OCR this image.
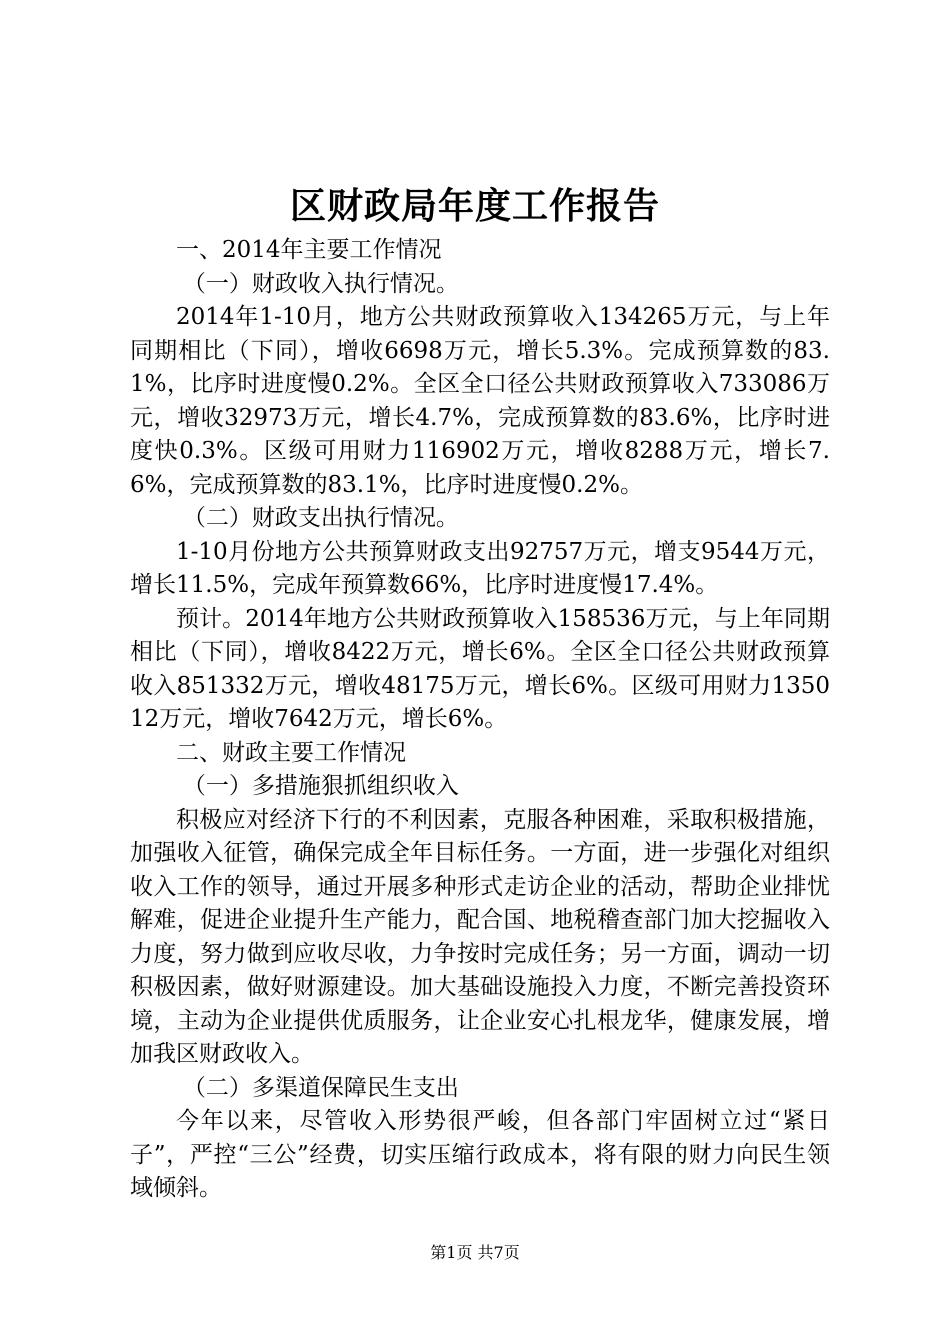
区财政局年度工作报告

一、2014年主要工作情况

（一）财政收入执行情况。

2014年1-10月，地方公共财政预算收入134265万元，与上年同期相比（下同），增收6698万元，增长5.3%。完成预算数的83.1%，比序时进度慢0.2%。全区全口径公共财政预算收入733086万元，增收32973万元，增长4.7%，完成预算数的83.6%，比序时进度快0.3%。区级可用财力116902万元，增收8288万元，增长7.6%，完成预算数的83.1%，比序时进度慢0.2%。

（二）财政支出执行情况。

1-10月份地方公共预算财政支出92757万元，增支9544万元，增长11.5%，完成年预算数66%，比序时进度慢17.4%。

预计。2014年地方公共财政预算收入158536万元，与上年同期相比（下同），增收8422万元，增长6%。全区全口径公共财政预算收入851332万元，增收48175万元，增长6%。区级可用财力135012万元，增收7642万元，增长6%。

二、财政主要工作情况

（一）多措施狠抓组织收入

积极应对经济下行的不利因素，克服各种困难，采取积极措施，加强收入征管，确保完成全年目标任务。一方面，进一步强化对组织收入工作的领导，通过开展多种形式走访企业的活动，帮助企业排忧解难，促进企业提升生产能力，配合国、地税稽查部门加大挖掘收入力度，努力做到应收尽收，力争按时完成任务；另一方面，调动一切积极因素，做好财源建设。加大基础设施投入力度，不断完善投资环境，主动为企业提供优质服务，让企业安心扎根龙华，健康发展，增加我区财政收入。

（二）多渠道保障民生支出

今年以来，尽管收入形势很严峻，但各部门牢固树立过“紧日子”，严控“三公”经费，切实压缩行政成本，将有限的财力向民生领域倾斜。

第1页 共7页
